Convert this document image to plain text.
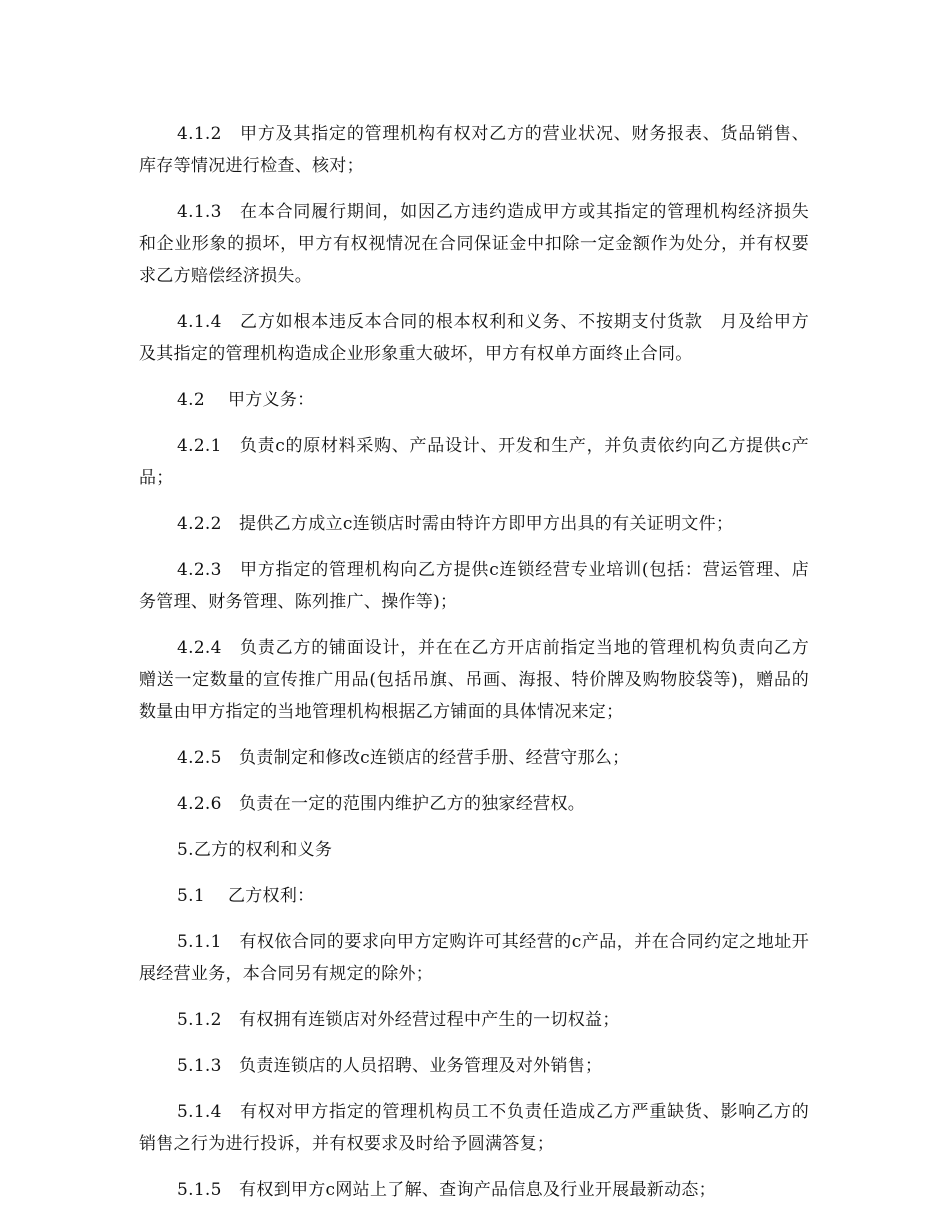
4.1.2　甲方及其指定的管理机构有权对乙方的营业状况、财务报表、货品销售、库存等情况进行检查、核对；

4.1.3　在本合同履行期间，如因乙方违约造成甲方或其指定的管理机构经济损失和企业形象的损坏，甲方有权视情况在合同保证金中扣除一定金额作为处分，并有权要求乙方赔偿经济损失。

4.1.4　乙方如根本违反本合同的根本权利和义务、不按期支付货款　月及给甲方及其指定的管理机构造成企业形象重大破坏，甲方有权单方面终止合同。

4.2　 甲方义务：

4.2.1　负责c的原材料采购、产品设计、开发和生产，并负责依约向乙方提供c产品；

4.2.2　提供乙方成立c连锁店时需由特许方即甲方出具的有关证明文件；

4.2.3　甲方指定的管理机构向乙方提供c连锁经营专业培训(包括：营运管理、店务管理、财务管理、陈列推广、操作等)；

4.2.4　负责乙方的铺面设计，并在在乙方开店前指定当地的管理机构负责向乙方赠送一定数量的宣传推广用品(包括吊旗、吊画、海报、特价牌及购物胶袋等)，赠品的数量由甲方指定的当地管理机构根据乙方铺面的具体情况来定；

4.2.5　负责制定和修改c连锁店的经营手册、经营守那么；

4.2.6　负责在一定的范围内维护乙方的独家经营权。

5.乙方的权利和义务

5.1　 乙方权利：

5.1.1　有权依合同的要求向甲方定购许可其经营的c产品，并在合同约定之地址开展经营业务，本合同另有规定的除外；

5.1.2　有权拥有连锁店对外经营过程中产生的一切权益；

5.1.3　负责连锁店的人员招聘、业务管理及对外销售；

5.1.4　有权对甲方指定的管理机构员工不负责任造成乙方严重缺货、影响乙方的销售之行为进行投诉，并有权要求及时给予圆满答复；

5.1.5　有权到甲方c网站上了解、查询产品信息及行业开展最新动态；
